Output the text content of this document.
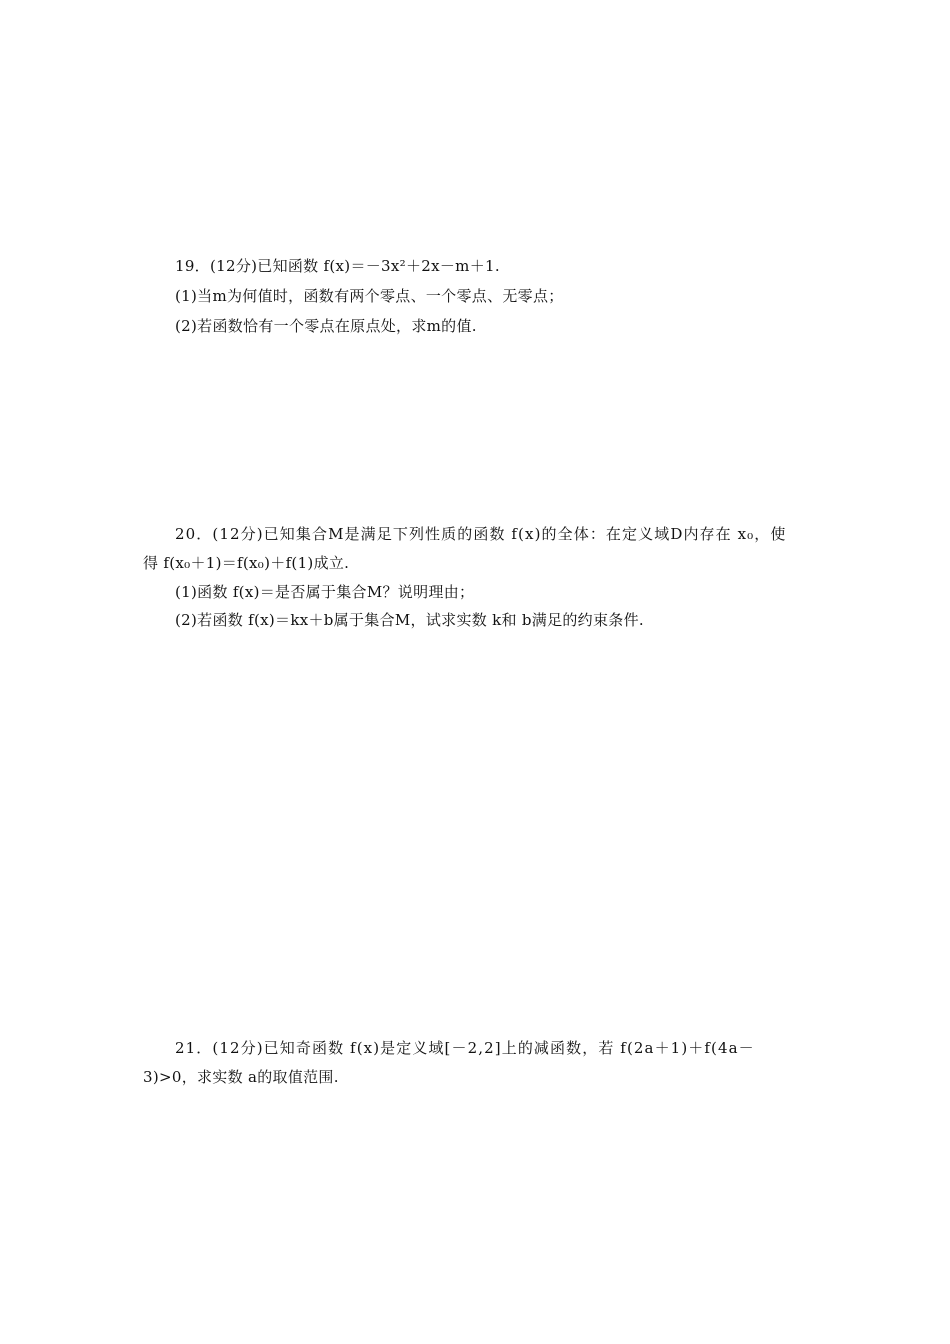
19．(12分)已知函数 f(x)＝－3x²＋2x－m＋1.
(1)当m为何值时，函数有两个零点、一个零点、无零点；
(2)若函数恰有一个零点在原点处，求m的值.
20．(12分)已知集合M是满足下列性质的函数 f(x)的全体：在定义域D内存在 x₀，使
得 f(x₀＋1)＝f(x₀)＋f(1)成立.
(1)函数 f(x)＝是否属于集合M？说明理由；
(2)若函数 f(x)＝kx＋b属于集合M，试求实数 k和 b满足的约束条件.
21．(12分)已知奇函数 f(x)是定义域[－2,2]上的减函数，若 f(2a＋1)＋f(4a－
3)>0，求实数 a的取值范围.
